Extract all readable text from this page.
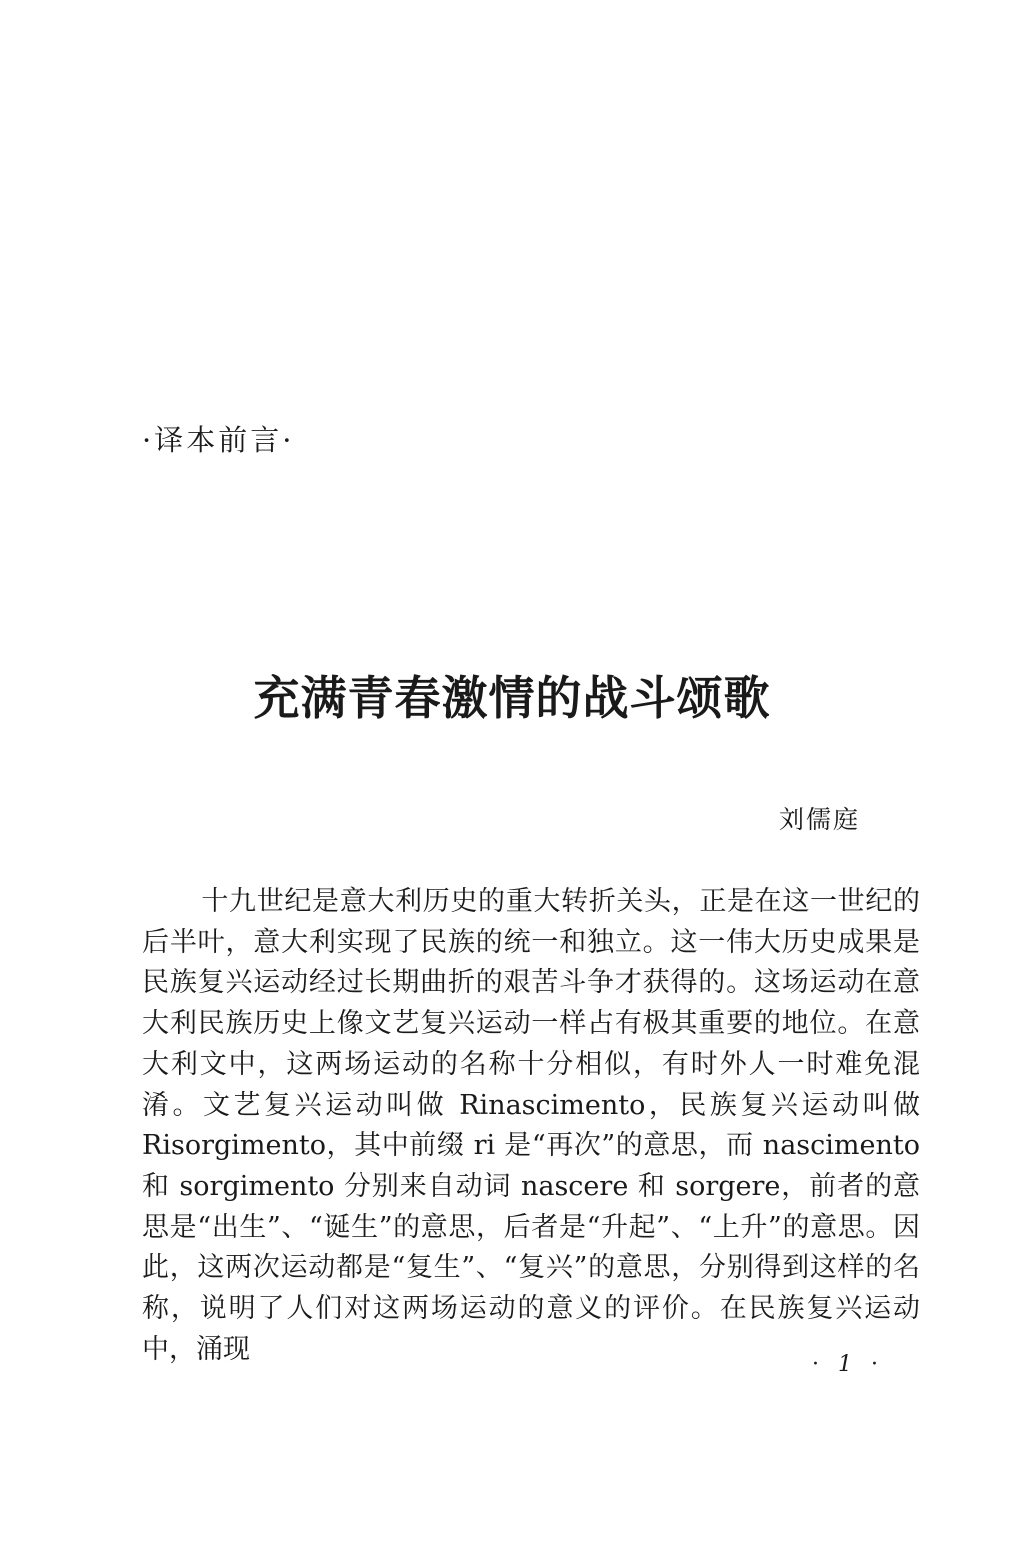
·译本前言·
充满青春激情的战斗颂歌
刘儒庭

十九世纪是意大利历史的重大转折关头，正是在这一世纪的后半叶，意大利实现了民族的统一和独立。这一伟大历史成果是民族复兴运动经过长期曲折的艰苦斗争才获得的。这场运动在意大利民族历史上像文艺复兴运动一样占有极其重要的地位。在意大利文中，这两场运动的名称十分相似，有时外人一时难免混淆。文艺复兴运动叫做 Rinascimento，民族复兴运动叫做 Risorgimento，其中前缀 ri 是“再次”的意思，而 nascimento 和 sorgimento 分别来自动词 nascere 和 sorgere，前者的意思是“出生”、“诞生”的意思，后者是“升起”、“上升”的意思。因此，这两次运动都是“复生”、“复兴”的意思，分别得到这样的名称，说明了人们对这两场运动的意义的评价。在民族复兴运动中，涌现	· 1 ·
